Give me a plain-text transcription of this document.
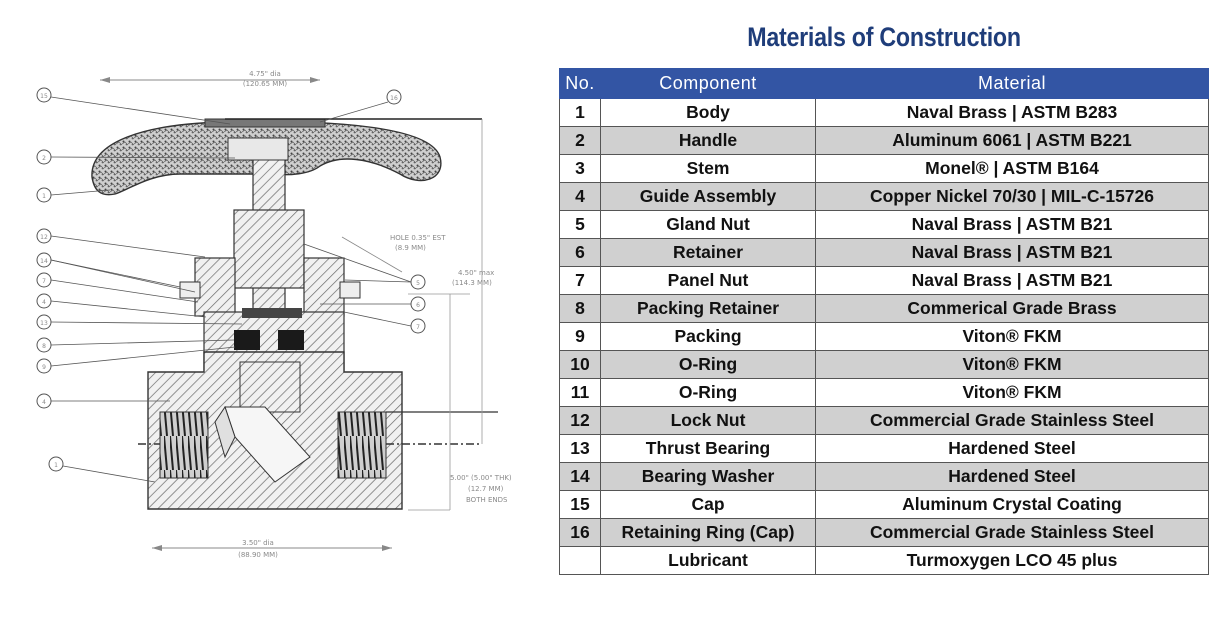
4.75" dia
(120.65 MM)
HOLE 0.35" EST
(8.9 MM)
4.50" max
(114.3 MM)
5.00" (5.00" THK)
(12.7 MM)
BOTH ENDS
3.50" dia
(88.90 MM)
15
2
1
12
14
7
4
13
8
9
4
1
16
5
6
7
Materials of Construction
No.	Component	Material
1	Body	Naval Brass | ASTM B283
2	Handle	Aluminum 6061 | ASTM B221
3	Stem	Monel® | ASTM B164
4	Guide Assembly	Copper Nickel 70/30 | MIL-C-15726
5	Gland Nut	Naval Brass | ASTM B21
6	Retainer	Naval Brass | ASTM B21
7	Panel Nut	Naval Brass | ASTM B21
8	Packing Retainer	Commerical Grade Brass
9	Packing	Viton® FKM
10	O-Ring	Viton® FKM
11	O-Ring	Viton® FKM
12	Lock Nut	Commercial Grade Stainless Steel
13	Thrust Bearing	Hardened Steel
14	Bearing Washer	Hardened Steel
15	Cap	Aluminum Crystal Coating
16	Retaining Ring (Cap)	Commercial Grade Stainless Steel
	Lubricant	Turmoxygen LCO 45 plus
